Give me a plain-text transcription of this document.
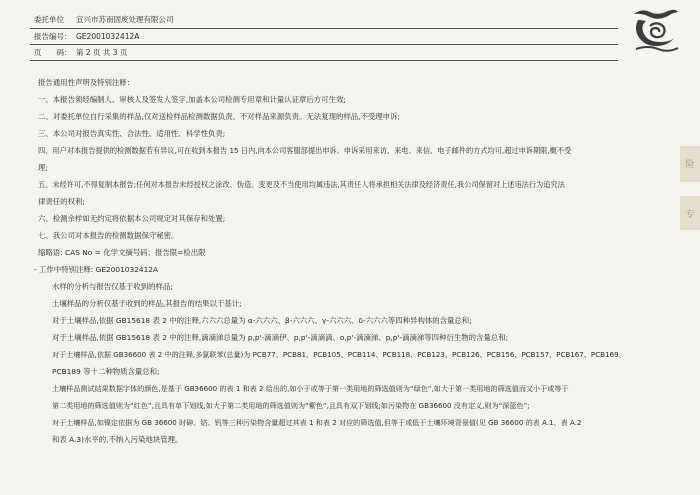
委托单位 宜兴市苏南固废处理有限公司
报告编号： GE2001032412A
页　　码： 第 2 页 共 3 页
险
专
报告通用性声明及特别注释：
一、本报告须经编制人、审核人及签发人签字,加盖本公司检测专用章和计量认证章后方可生效;
二、对委托单位自行采集的样品,仅对送检样品检测数据负责。不对样品来源负责。无法复现的样品,不受理申诉;
三、本公司对报告真实性、合法性、适用性、科学性负责;
四、用户对本报告提供的检测数据若有异议,可在收到本报告 15 日内,向本公司客服部提出申诉。申诉采用来访、来电、来信、电子邮件的方式均可,超过申诉期限,概不受
理;
五、未经许可,不得复制本报告;任何对本报告未经授权之涂改、伪造、变更及不当使用均属违法,其责任人将承担相关法律及经济责任,我公司保留对上述违法行为追究法
律责任的权利;
六、检测余样如无约定将依据本公司规定对其保存和处置;
七、我公司对本报告的检测数据保守秘密。
缩略语: CAS No = 化学文摘号码；报告限=检出限
- 工作中特别注释: GE2001032412A
水样的分析与报告仅基于收到的样品;
土壤样品的分析仅基于收到的样品,其报告的结果以干基计;
对于土壤样品,依据 GB15618 表 2 中的注释,六六六总量为 α-六六六、β-六六六、γ-六六六、δ-六六六等四种异构体的含量总和;
对于土壤样品,依据 GB15618 表 2 中的注释,滴滴涕总量为 p,p'-滴滴伊、p,p'-滴滴滴、o,p'-滴滴涕、p,p'-滴滴涕等四种衍生物的含量总和;
对于土壤样品,依据 GB36600 表 2 中的注释,多氯联苯(总量)为 PCB77、PCB81、PCB105、PCB114、PCB118、PCB123、PCB126、PCB156、PCB157、PCB167、PCB169、
PCB189 等十二种物质含量总和;
土壤样品测试结果数据字体的颜色,是基于 GB36600 的表 1 和表 2 给出的,如小于或等于第一类用地的筛选值则为“绿色”,如大于第一类用地的筛选值而又小于或等于
第二类用地的筛选值则为“红色”,且具有单下划线,如大于第二类用地的筛选值则为“紫色”,且具有双下划线;如污染物在 GB36600 没有定义,则为“深蓝色”;
对于土壤样品,如镍定依据为 GB 36600 时砷、钴、钒等三种污染物含量超过其表 1 和表 2 对应的筛选值,但等于或低于土壤环境背景值(见 GB 36600 的表 A.1、表 A.2
和表 A.3)水平的,不纳入污染地块管理。
